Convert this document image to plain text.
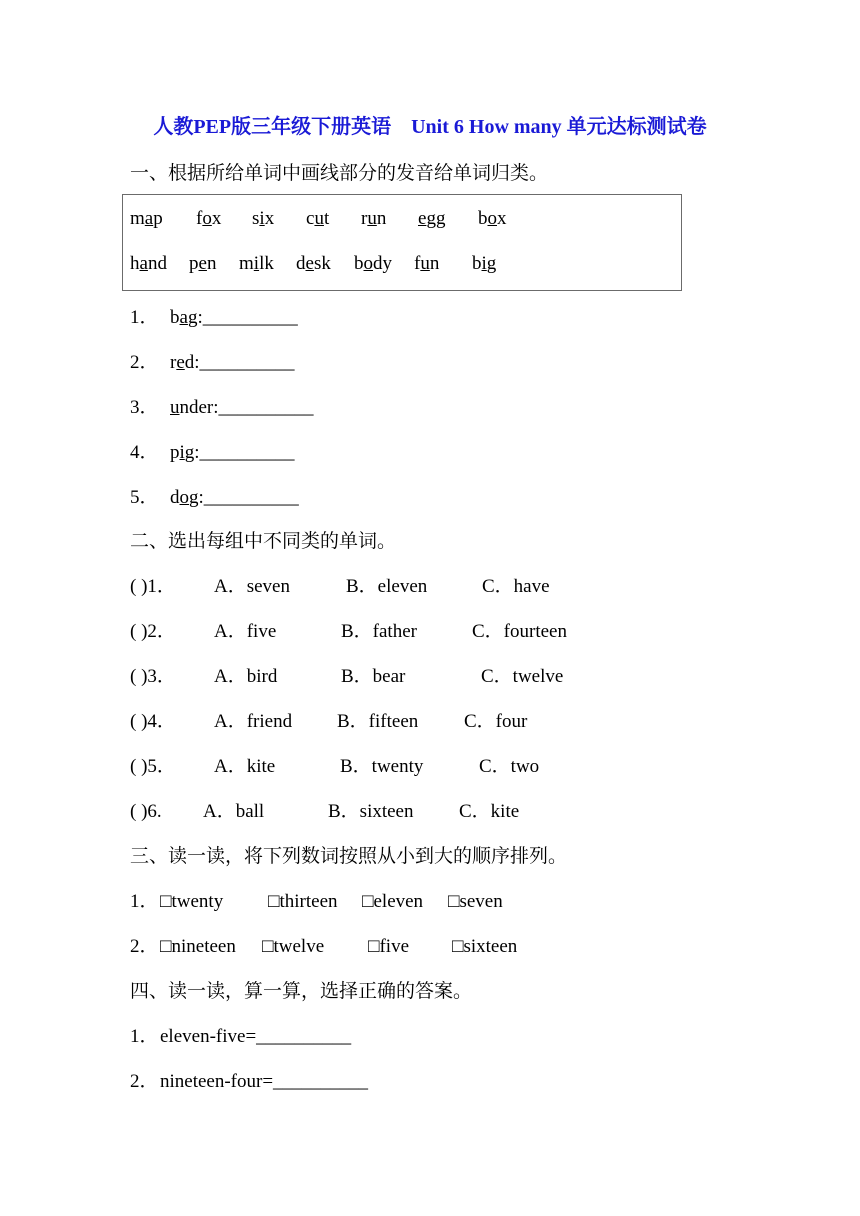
人教PEP版三年级下册英语　Unit 6 How many 单元达标测试卷
一、根据所给单词中画线部分的发音给单词归类。
map fox six cut run egg box
hand pen milk desk body fun big
1． bag:__________
2． red:__________
3． under:__________
4． pig:__________
5． dog:__________
二、选出每组中不同类的单词。
( )1． A．seven	B．eleven	C．have
( )2． A．five	B．father	C．fourteen
( )3． A．bird	B．bear	C．twelve
( )4． A．friend B．fifteen C．four
( )5． A．kite	B．twenty	C．two
( )6. A．ball	B．sixteen C．kite
三、读一读，将下列数词按照从小到大的顺序排列。
1． □twenty □thirteen □eleven □seven
2． □nineteen □twelve □five □sixteen
四、读一读，算一算，选择正确的答案。
1． eleven-five=__________
2． nineteen-four=__________
